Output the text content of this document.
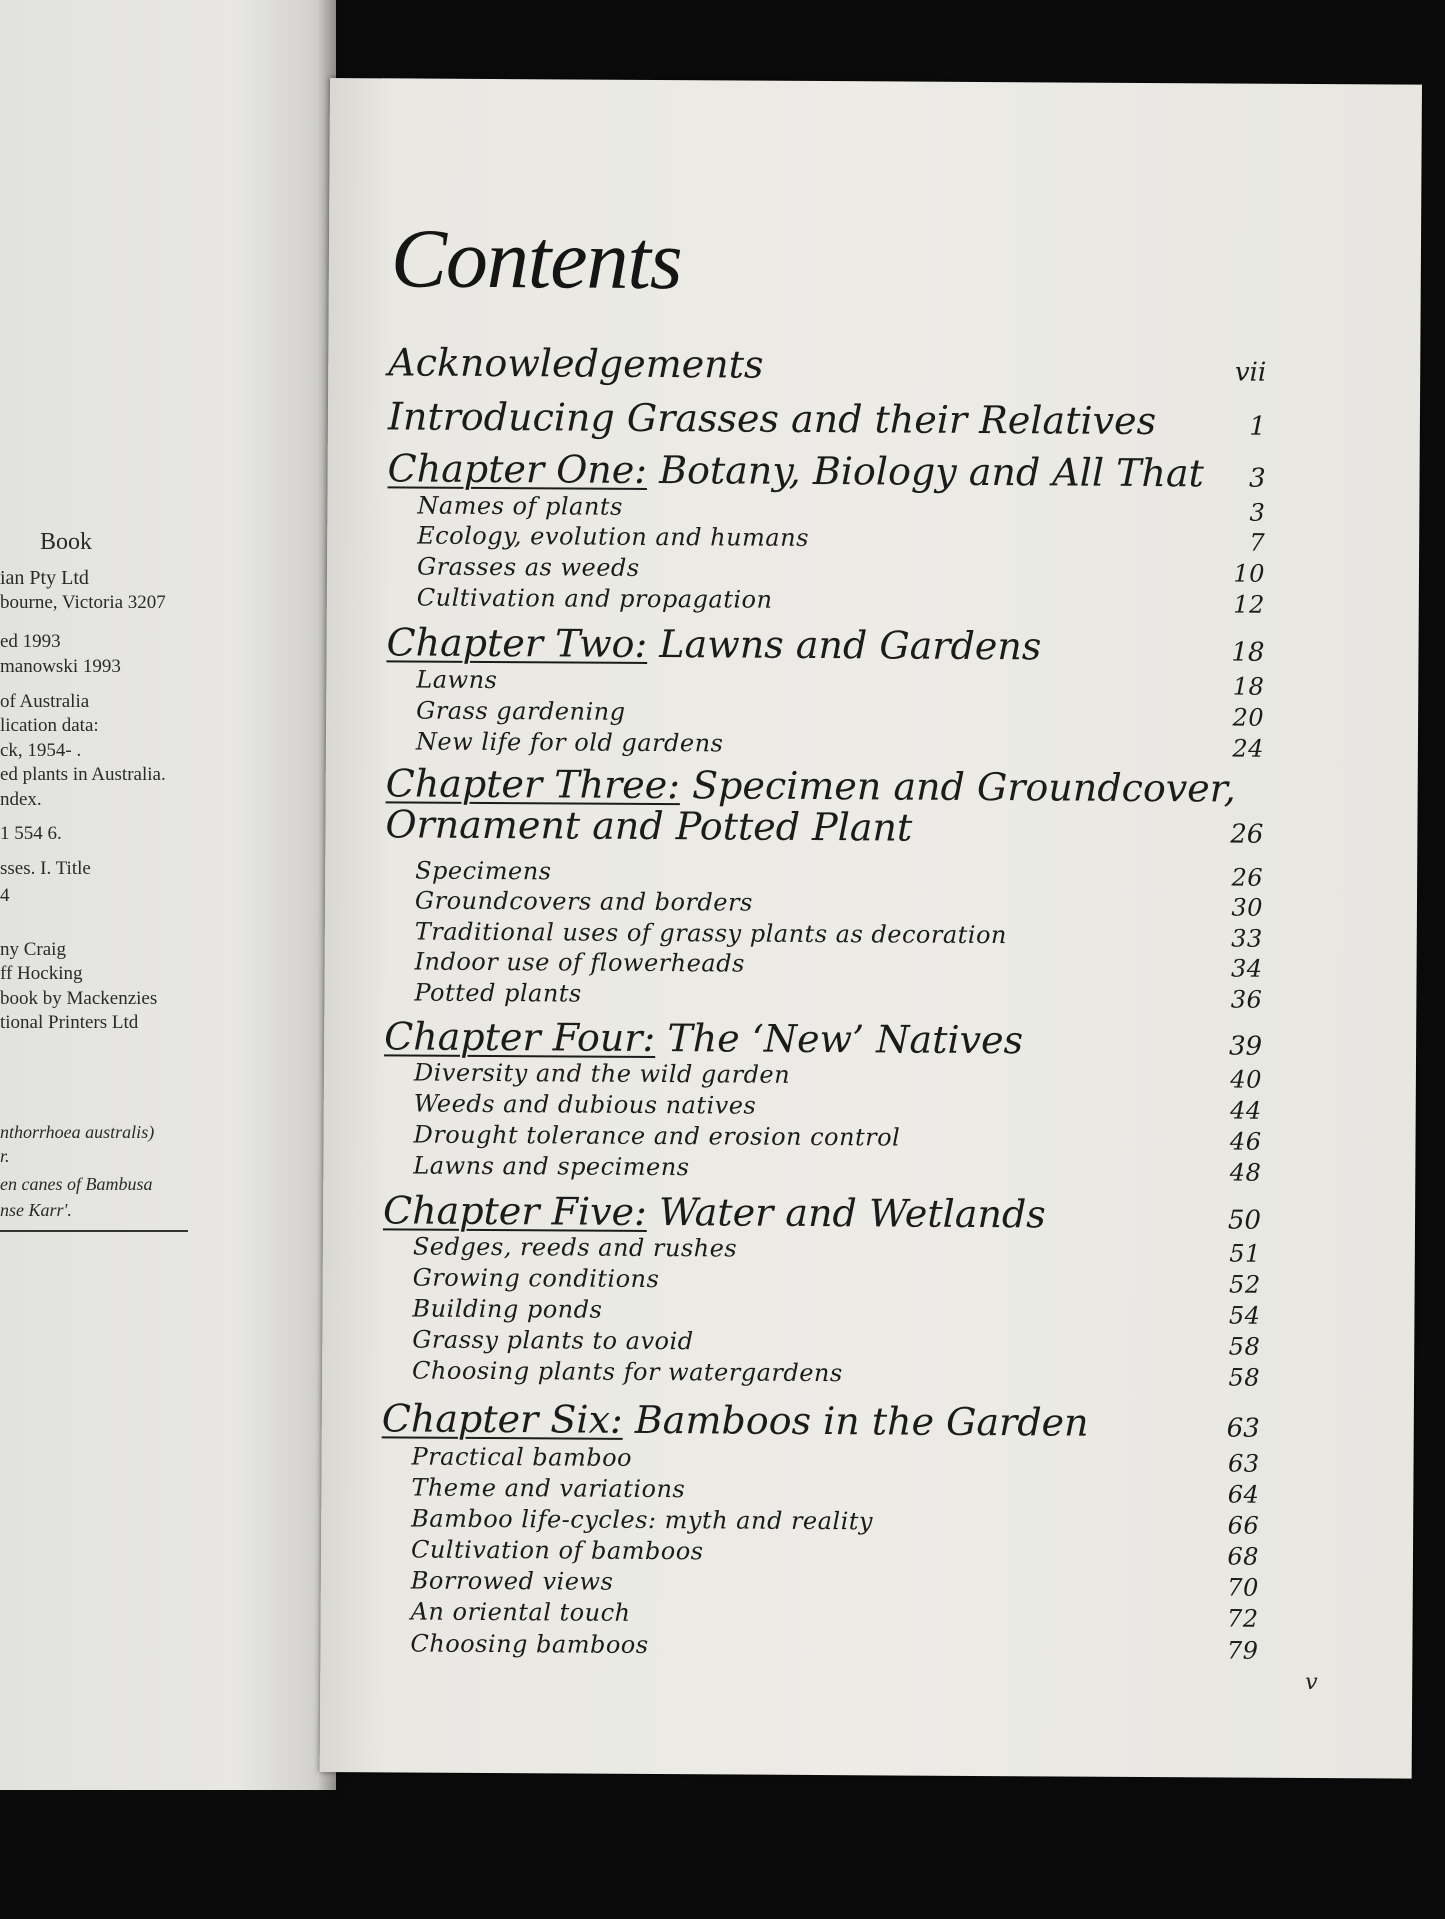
Book
ian Pty Ltd
bourne, Victoria 3207
ed 1993
manowski 1993
of Australia
lication data:
ck, 1954- .
ed plants in Australia.
ndex.
1 554 6.
sses. I. Title
4
ny Craig
ff Hocking
book by Mackenzies
tional Printers Ltd
nthorrhoea australis)
r.
en canes of Bambusa
nse Karr'.
Contents
v
Acknowledgements	vii
Introducing Grasses and their Relatives	1
Chapter One: Botany, Biology and All That 3
Names of plants	3
Ecology, evolution and humans	7
Grasses as weeds	10
Cultivation and propagation	12
Chapter Two: Lawns and Gardens	18
Lawns	18
Grass gardening	20
New life for old gardens	24
Chapter Three: Specimen and Groundcover,
Ornament and Potted Plant	26
Specimens	26
Groundcovers and borders	30
Traditional uses of grassy plants as decoration	33
Indoor use of flowerheads	34
Potted plants	36
Chapter Four: The ‘New’ Natives	39
Diversity and the wild garden	40
Weeds and dubious natives	44
Drought tolerance and erosion control	46
Lawns and specimens	48
Chapter Five: Water and Wetlands	50
Sedges, reeds and rushes	51
Growing conditions	52
Building ponds	54
Grassy plants to avoid	58
Choosing plants for watergardens	58
Chapter Six: Bamboos in the Garden	63
Practical bamboo	63
Theme and variations	64
Bamboo life-cycles: myth and reality	66
Cultivation of bamboos	68
Borrowed views	70
An oriental touch	72
Choosing bamboos	79
